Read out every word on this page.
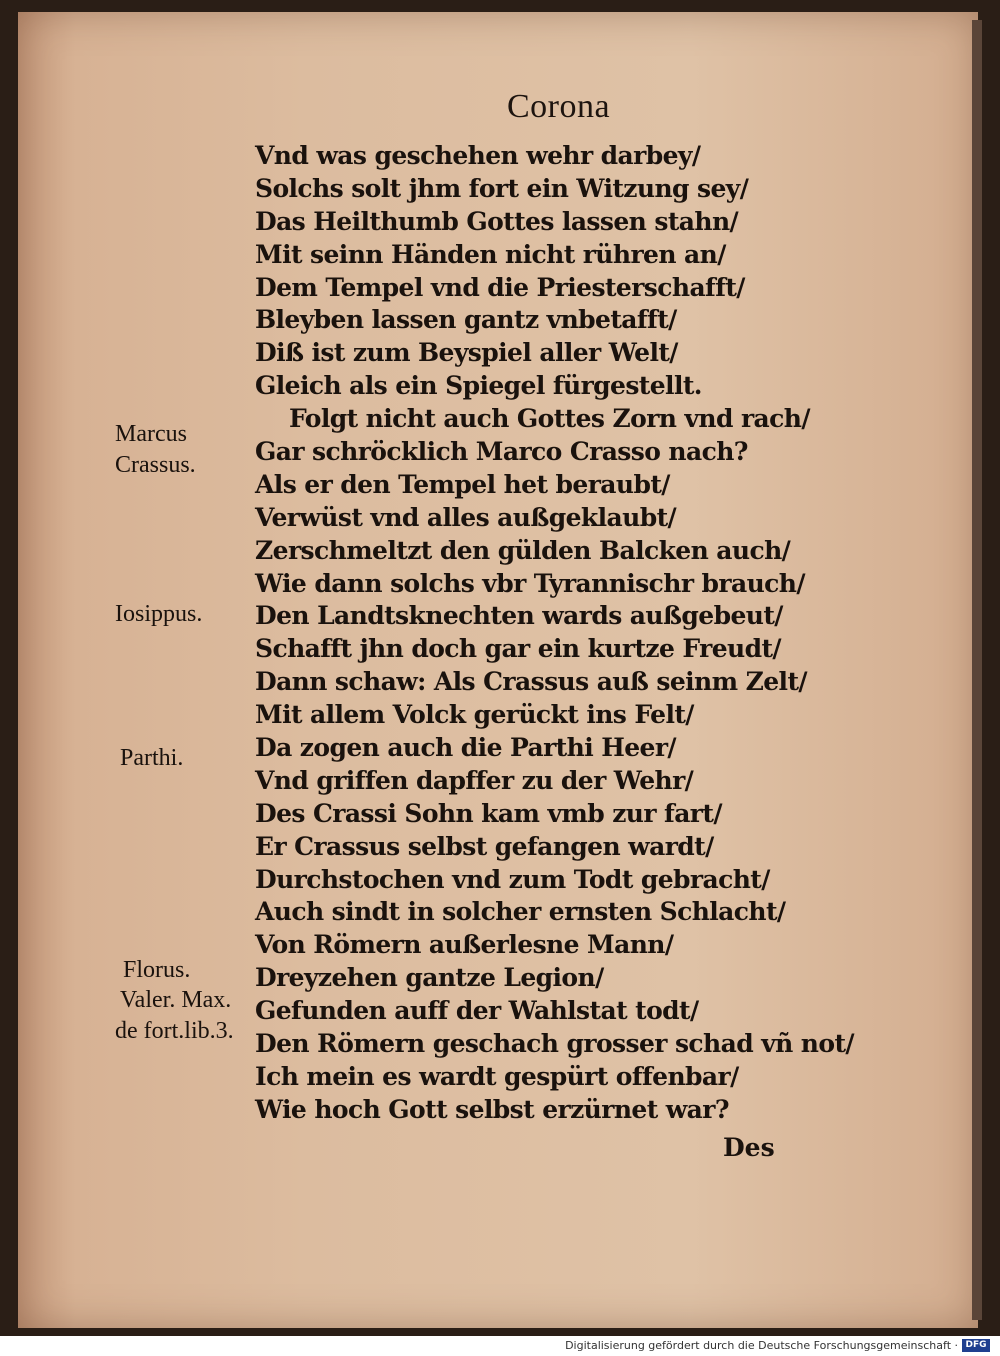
Corona
Vnd was geschehen wehr darbey/
Solchs solt jhm fort ein Witzung sey/
Das Heilthumb Gottes lassen stahn/
Mit seinn Händen nicht rühren an/
Dem Tempel vnd die Priesterschafft/
Bleyben lassen gantz vnbetafft/
Diß ist zum Beyspiel aller Welt/
Gleich als ein Spiegel fürgestellt.
Folgt nicht auch Gottes Zorn vnd rach/
Gar schröcklich Marco Crasso nach?
Als er den Tempel het beraubt/
Verwüst vnd alles außgeklaubt/
Zerschmeltzt den gülden Balcken auch/
Wie dann solchs vbr Tyrannischr brauch/
Den Landtsknechten wards außgebeut/
Schafft jhn doch gar ein kurtze Freudt/
Dann schaw: Als Crassus auß seinm Zelt/
Mit allem Volck gerückt ins Felt/
Da zogen auch die Parthi Heer/
Vnd griffen dapffer zu der Wehr/
Des Crassi Sohn kam vmb zur fart/
Er Crassus selbst gefangen wardt/
Durchstochen vnd zum Todt gebracht/
Auch sindt in solcher ernsten Schlacht/
Von Römern außerlesne Mann/
Dreyzehen gantze Legion/
Gefunden auff der Wahlstat todt/
Den Römern geschach grosser schad vñ not/
Ich mein es wardt gespürt offenbar/
Wie hoch Gott selbst erzürnet war?
Marcus
Crassus.
Iosippus.
Parthi.
Florus.
Valer. Max.
de fort.lib.3.
Des
Digitalisierung gefördert durch die Deutsche Forschungsgemeinschaft · DFG
